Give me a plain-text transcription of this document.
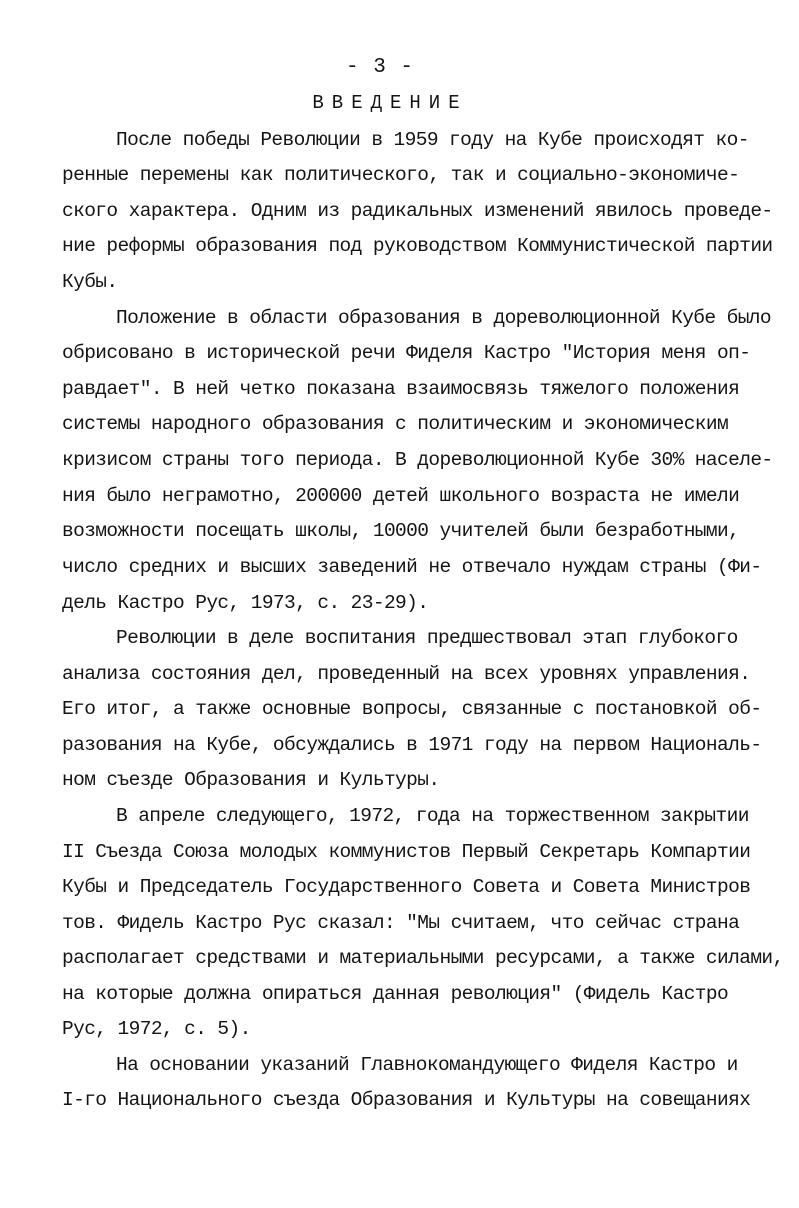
- 3 -
ВВЕДЕНИЕ
После победы Революции в 1959 году на Кубе происходят ко-
ренные перемены как политического, так и социально-экономиче-
ского характера. Одним из радикальных изменений явилось проведе-
ние реформы образования под руководством Коммунистической партии
Кубы.
Положение в области образования в дореволюционной Кубе было
обрисовано в исторической речи Фиделя Кастро "История меня оп-
равдает". В ней четко показана взаимосвязь тяжелого положения
системы народного образования с политическим и экономическим
кризисом страны того периода. В дореволюционной Кубе 30% населе-
ния было неграмотно, 200000 детей школьного возраста не имели
возможности посещать школы, 10000 учителей были безработными,
число средних и высших заведений не отвечало нуждам страны (Фи-
дель Кастро Рус, 1973, с. 23-29).
Революции в деле воспитания предшествовал этап глубокого
анализа состояния дел, проведенный на всех уровнях управления.
Его итог, а также основные вопросы, связанные с постановкой об-
разования на Кубе, обсуждались в 1971 году на первом Националь-
ном съезде Образования и Культуры.
В апреле следующего, 1972, года на торжественном закрытии
II Съезда Союза молодых коммунистов Первый Секретарь Компартии
Кубы и Председатель Государственного Совета и Совета Министров
тов. Фидель Кастро Рус сказал: "Мы считаем, что сейчас страна
располагает средствами и материальными ресурсами, а также силами,
на которые должна опираться данная революция" (Фидель Кастро
Рус, 1972, с. 5).
На основании указаний Главнокомандующего Фиделя Кастро и
I-го Национального съезда Образования и Культуры на совещаниях
